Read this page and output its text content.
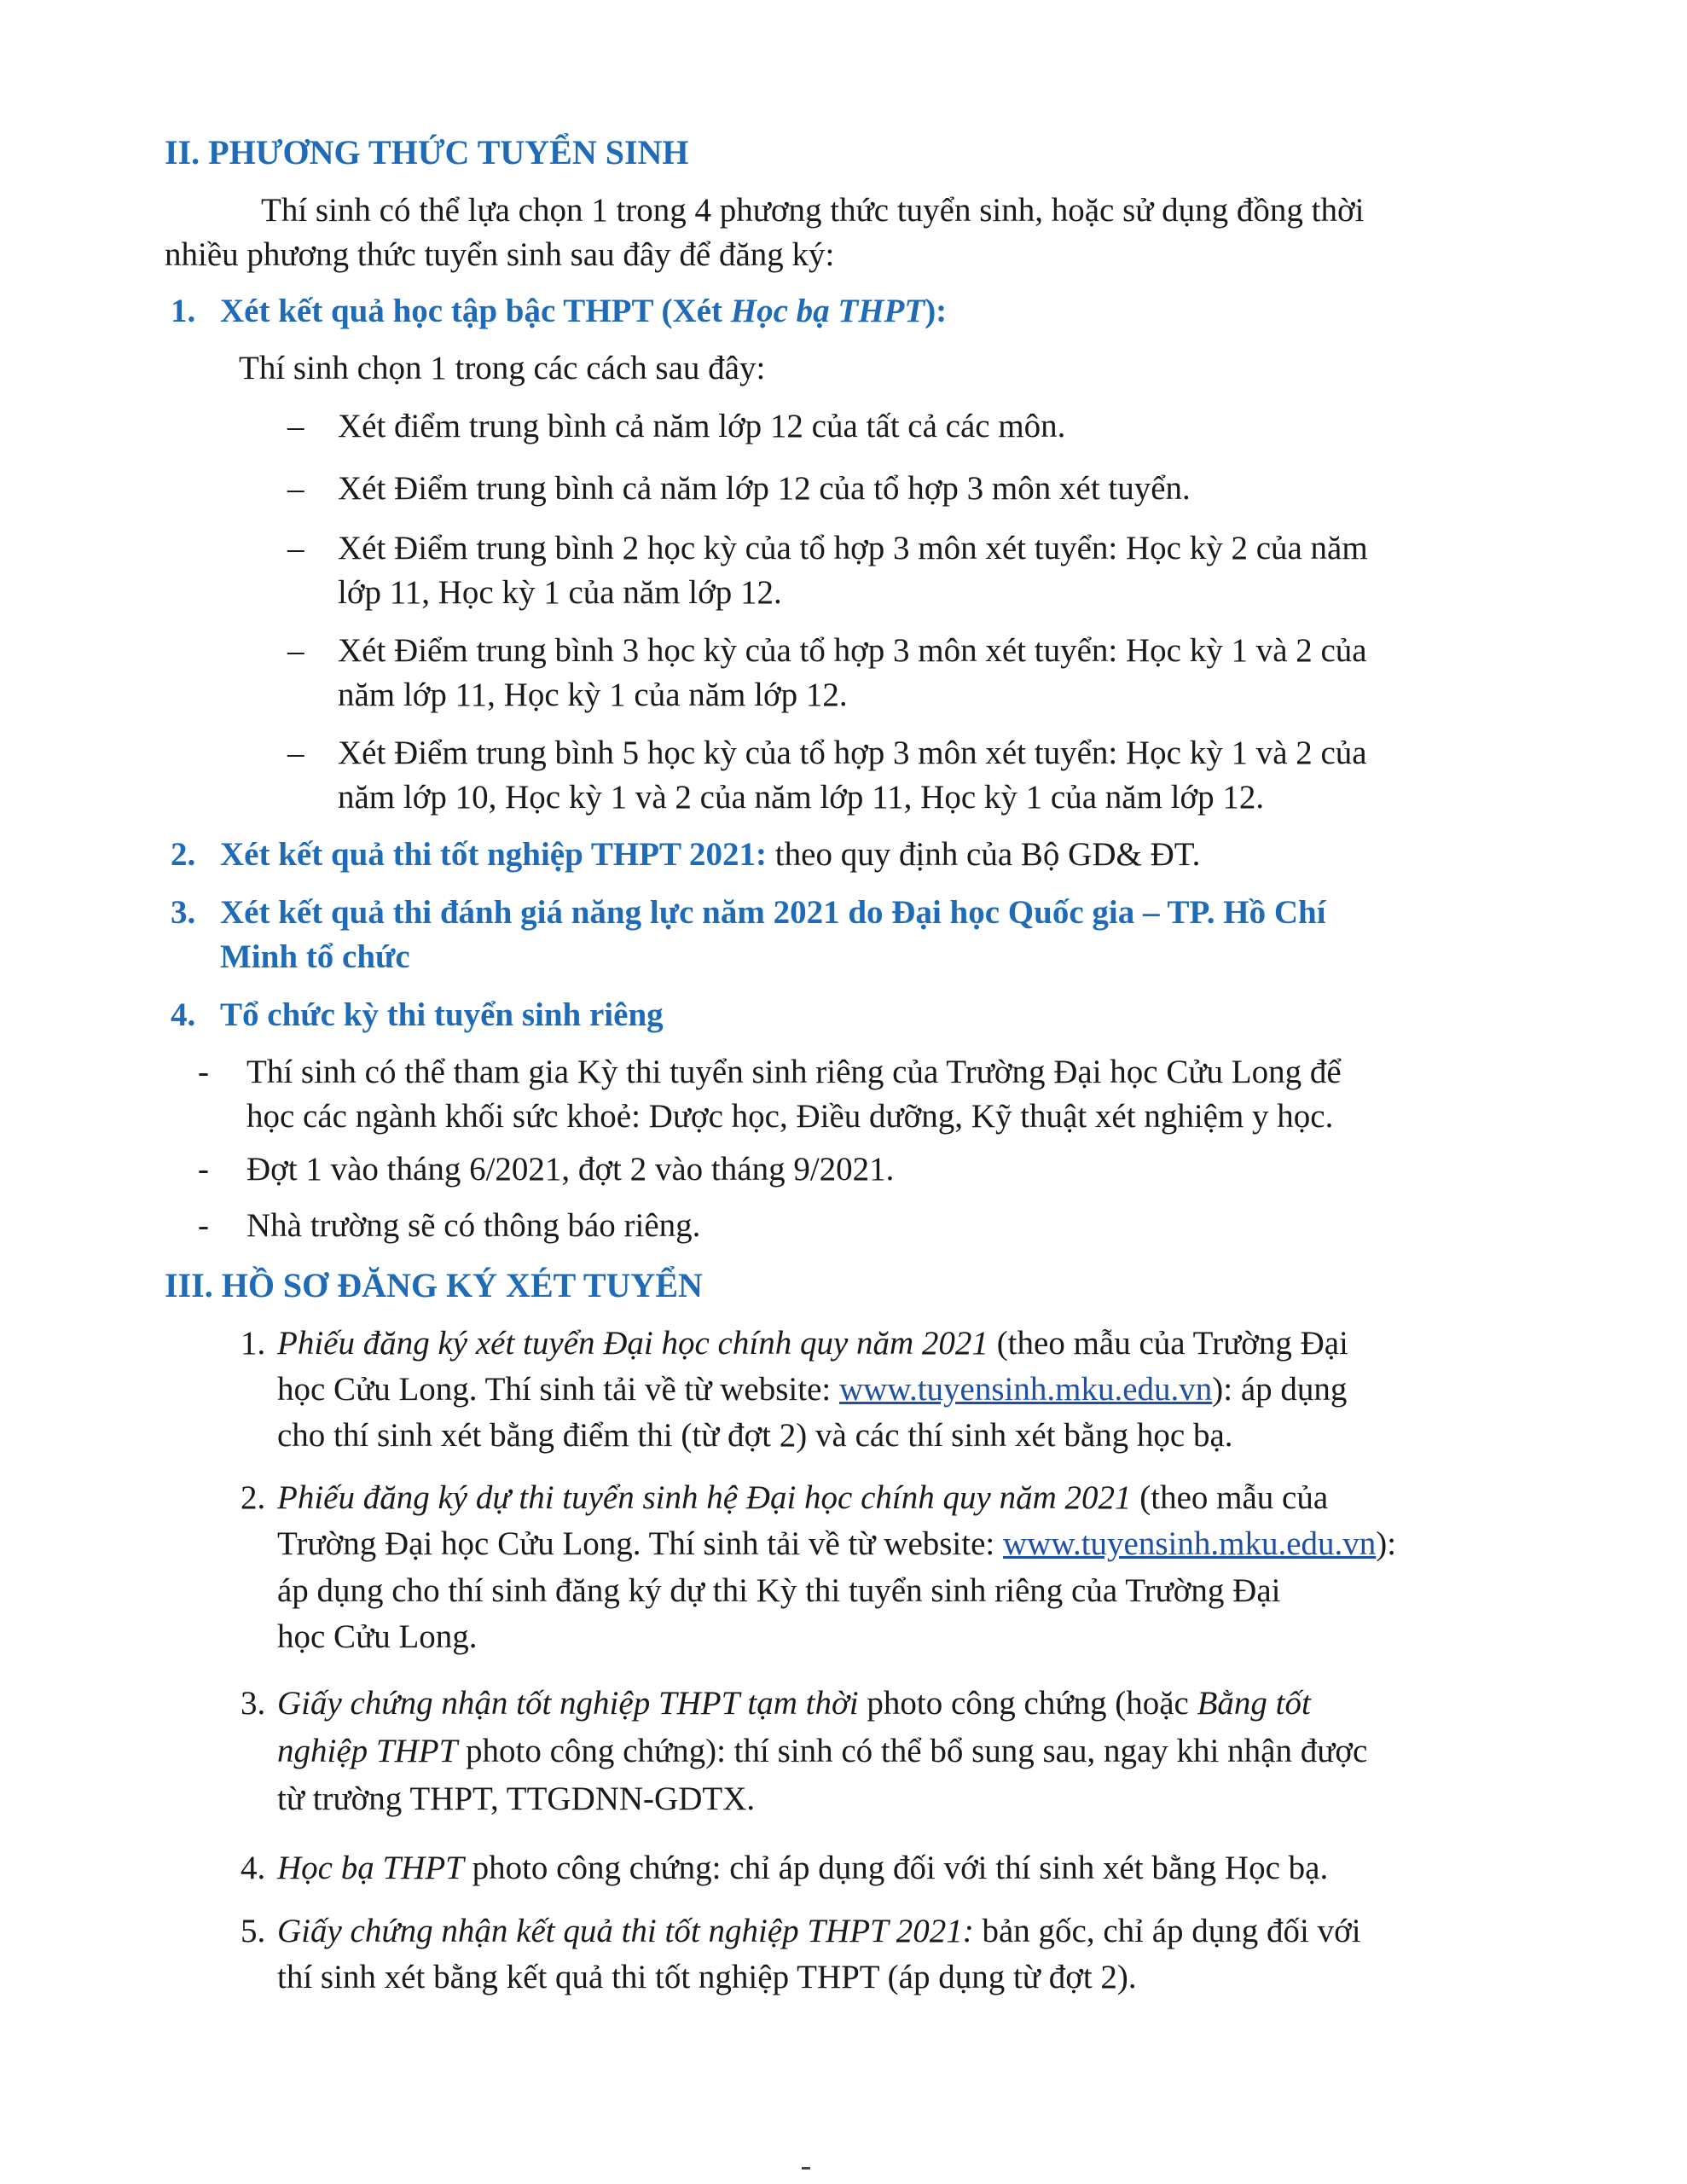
II. PHƯƠNG THỨC TUYỂN SINH
Thí sinh có thể lựa chọn 1 trong 4 phương thức tuyển sinh, hoặc sử dụng đồng thời
nhiều phương thức tuyển sinh sau đây để đăng ký:
1. Xét kết quả học tập bậc THPT (Xét Học bạ THPT):
Thí sinh chọn 1 trong các cách sau đây:
– Xét điểm trung bình cả năm lớp 12 của tất cả các môn.
– Xét Điểm trung bình cả năm lớp 12 của tổ hợp 3 môn xét tuyển.
– Xét Điểm trung bình 2 học kỳ của tổ hợp 3 môn xét tuyển: Học kỳ 2 của năm
lớp 11, Học kỳ 1 của năm lớp 12.
– Xét Điểm trung bình 3 học kỳ của tổ hợp 3 môn xét tuyển: Học kỳ 1 và 2 của
năm lớp 11, Học kỳ 1 của năm lớp 12.
– Xét Điểm trung bình 5 học kỳ của tổ hợp 3 môn xét tuyển: Học kỳ 1 và 2 của
năm lớp 10, Học kỳ 1 và 2 của năm lớp 11, Học kỳ 1 của năm lớp 12.
2. Xét kết quả thi tốt nghiệp THPT 2021: theo quy định của Bộ GD& ĐT.
3. Xét kết quả thi đánh giá năng lực năm 2021 do Đại học Quốc gia – TP. Hồ Chí
Minh tổ chức
4. Tổ chức kỳ thi tuyển sinh riêng
- Thí sinh có thể tham gia Kỳ thi tuyển sinh riêng của Trường Đại học Cửu Long để
học các ngành khối sức khoẻ: Dược học, Điều dưỡng, Kỹ thuật xét nghiệm y học.
- Đợt 1 vào tháng 6/2021, đợt 2 vào tháng 9/2021.
- Nhà trường sẽ có thông báo riêng.
III. HỒ SƠ ĐĂNG KÝ XÉT TUYỂN
1. Phiếu đăng ký xét tuyển Đại học chính quy năm 2021 (theo mẫu của Trường Đại
học Cửu Long. Thí sinh tải về từ website: www.tuyensinh.mku.edu.vn): áp dụng
cho thí sinh xét bằng điểm thi (từ đợt 2) và các thí sinh xét bằng học bạ.
2. Phiếu đăng ký dự thi tuyển sinh hệ Đại học chính quy năm 2021 (theo mẫu của
Trường Đại học Cửu Long. Thí sinh tải về từ website: www.tuyensinh.mku.edu.vn):
áp dụng cho thí sinh đăng ký dự thi Kỳ thi tuyển sinh riêng của Trường Đại
học Cửu Long.
3. Giấy chứng nhận tốt nghiệp THPT tạm thời photo công chứng (hoặc Bằng tốt
nghiệp THPT photo công chứng): thí sinh có thể bổ sung sau, ngay khi nhận được
từ trường THPT, TTGDNN-GDTX.
4. Học bạ THPT photo công chứng: chỉ áp dụng đối với thí sinh xét bằng Học bạ.
5. Giấy chứng nhận kết quả thi tốt nghiệp THPT 2021: bản gốc, chỉ áp dụng đối với
thí sinh xét bằng kết quả thi tốt nghiệp THPT (áp dụng từ đợt 2).
